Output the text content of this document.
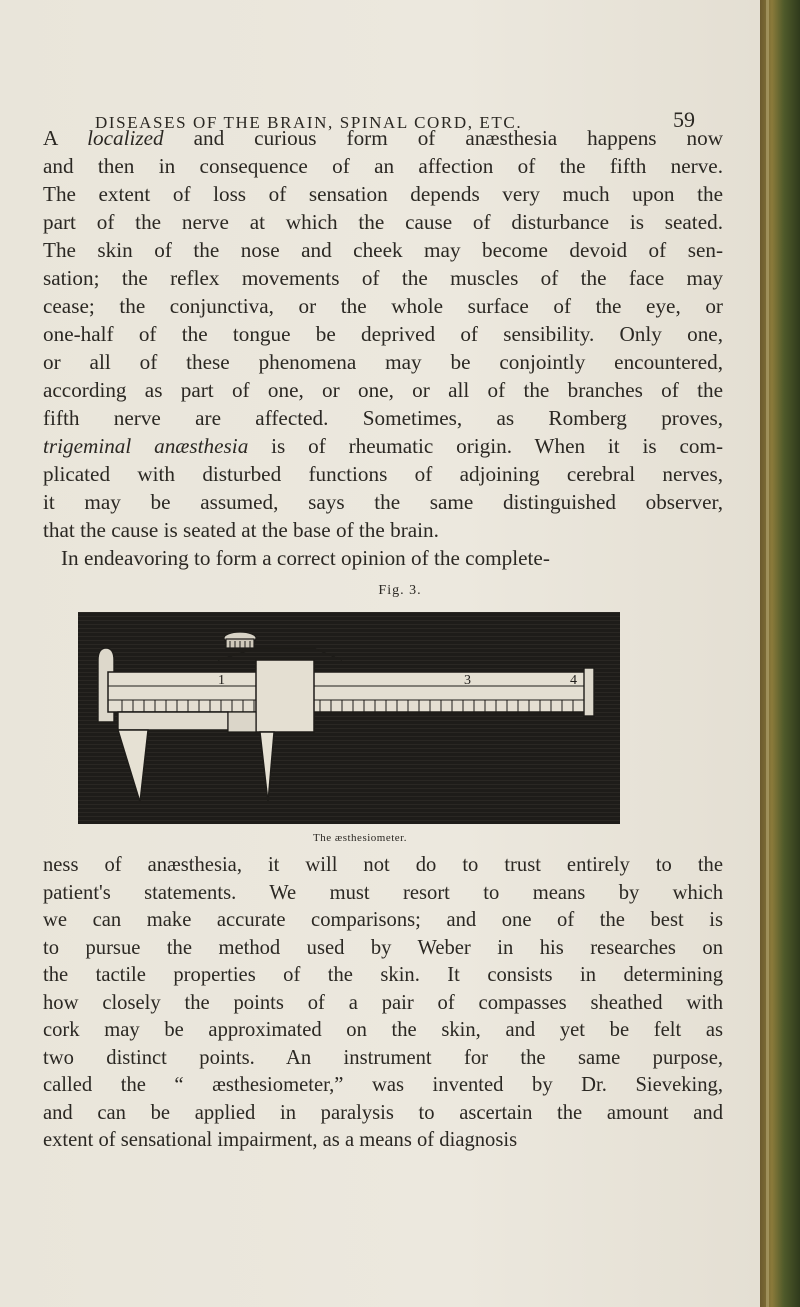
DISEASES OF THE BRAIN, SPINAL CORD, ETC.	59
A localized and curious form of anæsthesia happens now
and then in consequence of an affection of the fifth nerve.
The extent of loss of sensation depends very much upon the
part of the nerve at which the cause of disturbance is seated.
The skin of the nose and cheek may become devoid of sen-
sation; the reflex movements of the muscles of the face may
cease; the conjunctiva, or the whole surface of the eye, or
one-half of the tongue be deprived of sensibility. Only one,
or all of these phenomena may be conjointly encountered,
according as part of one, or one, or all of the branches of the
fifth nerve are affected. Sometimes, as Romberg proves,
trigeminal anæsthesia is of rheumatic origin. When it is com-
plicated with disturbed functions of adjoining cerebral nerves,
it may be assumed, says the same distinguished observer,
that the cause is seated at the base of the brain.
In endeavoring to form a correct opinion of the complete-
Fig. 3.
1	3	4
The æsthesiometer.
ness of anæsthesia, it will not do to trust entirely to the
patient's statements. We must resort to means by which
we can make accurate comparisons; and one of the best is
to pursue the method used by Weber in his researches on
the tactile properties of the skin. It consists in determining
how closely the points of a pair of compasses sheathed with
cork may be approximated on the skin, and yet be felt as
two distinct points. An instrument for the same purpose,
called the “ æsthesiometer,” was invented by Dr. Sieveking,
and can be applied in paralysis to ascertain the amount and
extent of sensational impairment, as a means of diagnosis
